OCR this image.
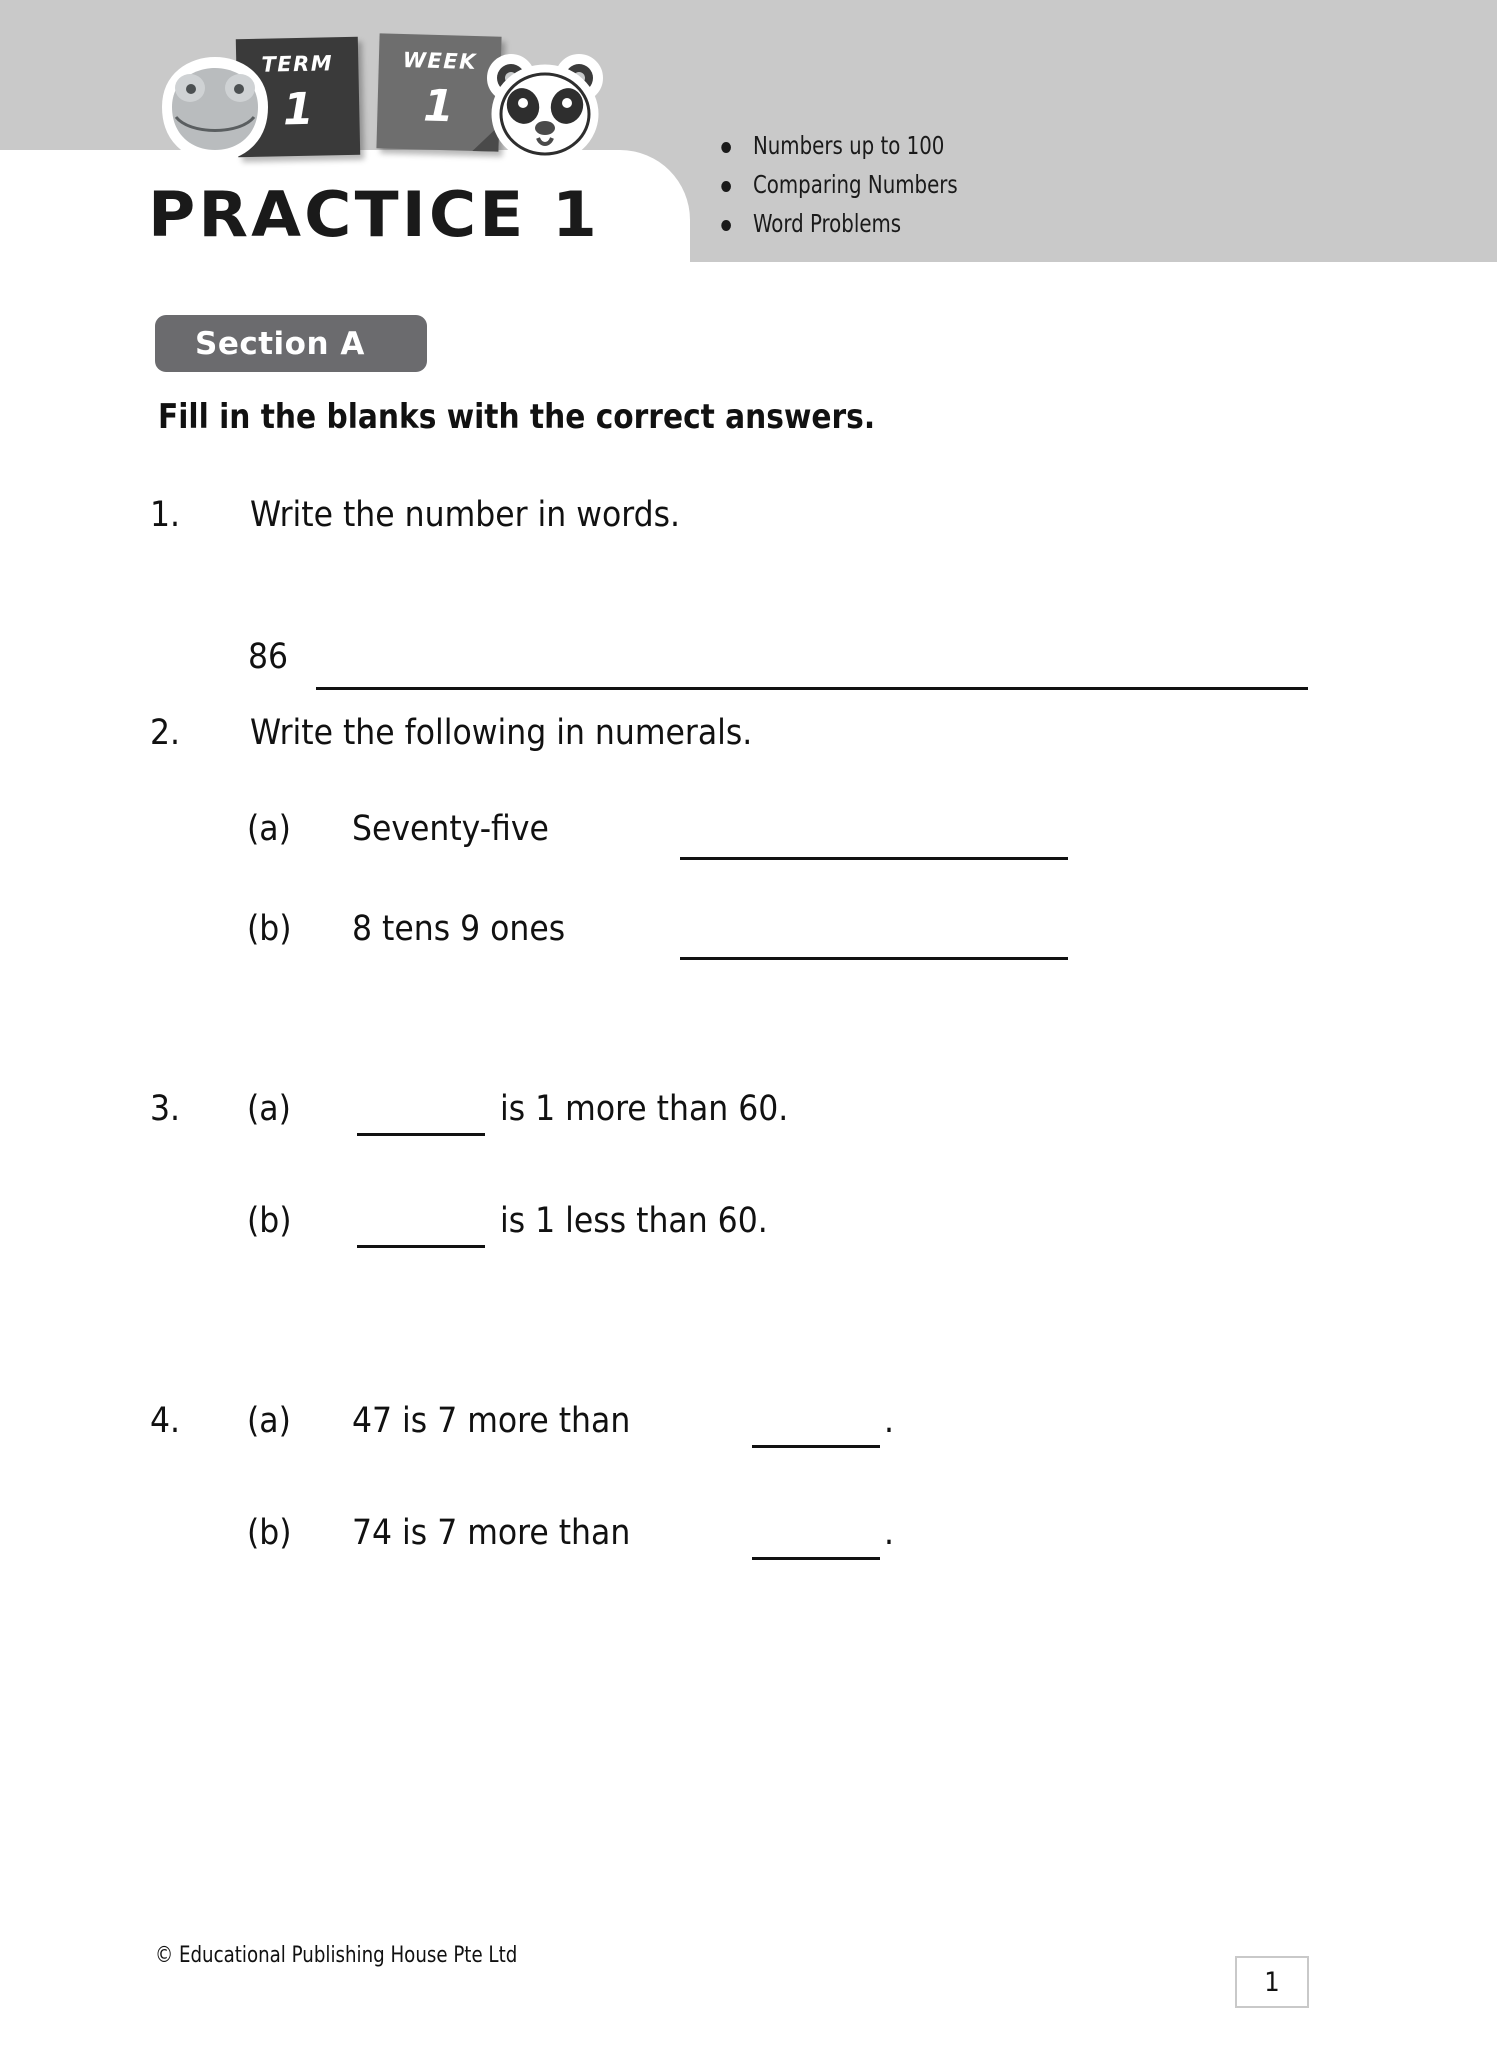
TERM
1
WEEK
1
PRACTICE 1
Numbers up to 100
Comparing Numbers
Word Problems
Section A
Fill in the blanks with the correct answers.
1. Write the number in words.
86
2. Write the following in numerals.
(a) Seventy-five
(b) 8 tens 9 ones
3. (a)	is 1 more than 60.
(b)	is 1 less than 60.
4. (a) 47 is 7 more than	.
(b) 74 is 7 more than	.
© Educational Publishing House Pte Ltd
1
